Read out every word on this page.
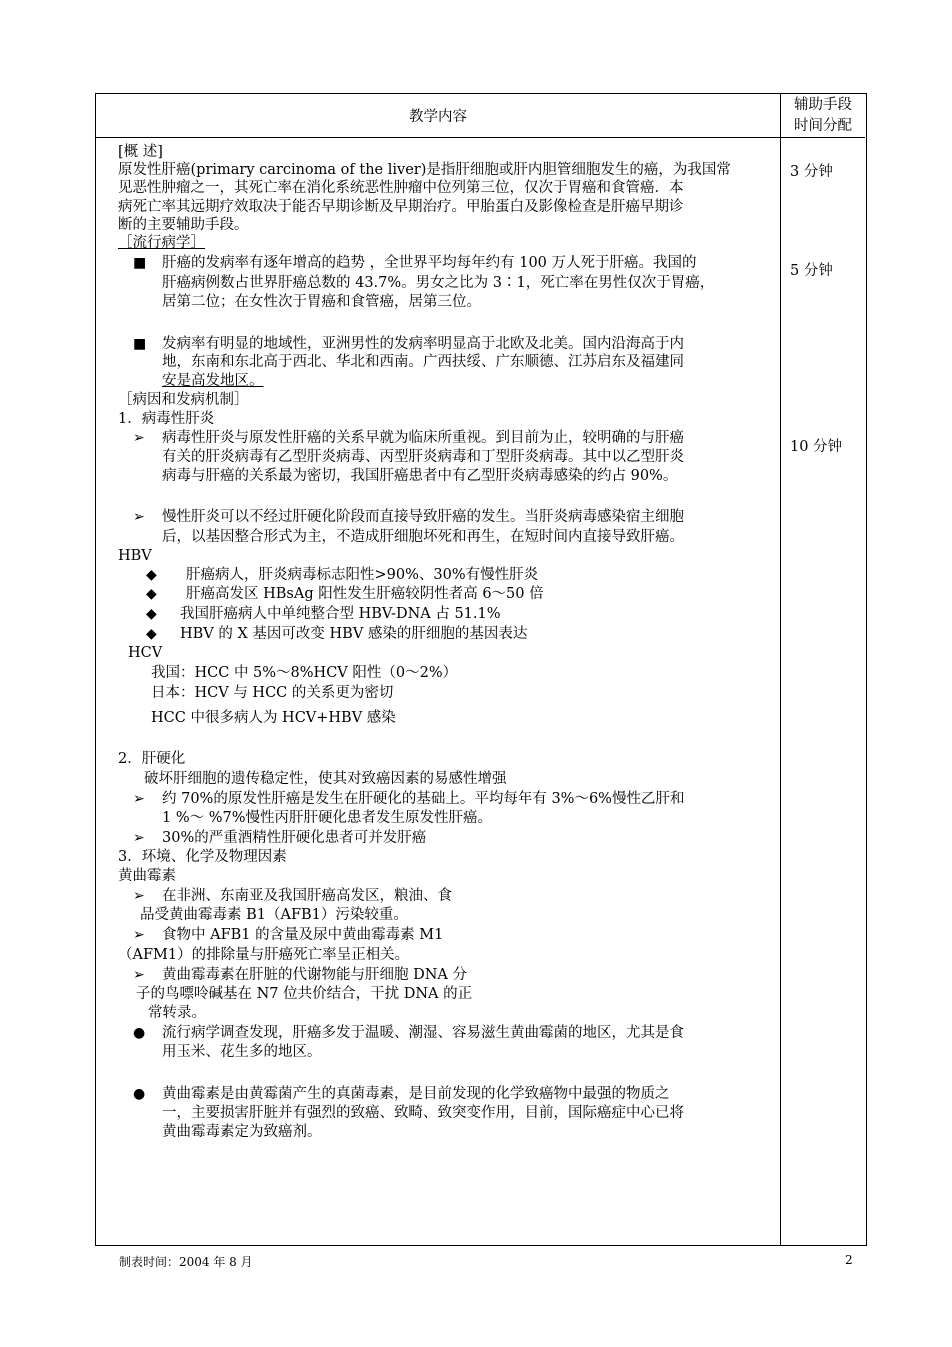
教学内容
辅助手段
时间分配
[概 述]
原发性肝癌(primary carcinoma of the liver)是指肝细胞或肝内胆管细胞发生的癌，为我国常
见恶性肿瘤之一，其死亡率在消化系统恶性肿瘤中位列第三位，仅次于胃癌和食管癌．本
病死亡率其远期疗效取决于能否早期诊断及早期治疗。甲胎蛋白及影像检查是肝癌早期诊
断的主要辅助手段。
［流行病学］
■ 肝癌的发病率有逐年增高的趋势 ，全世界平均每年约有 100 万人死于肝癌。我国的
肝癌病例数占世界肝癌总数的 43.7%。男女之比为 3∶1，死亡率在男性仅次于胃癌，
居第二位；在女性次于胃癌和食管癌，居第三位。
■ 发病率有明显的地域性，亚洲男性的发病率明显高于北欧及北美。国内沿海高于内
地，东南和东北高于西北、华北和西南。广西扶绥、广东顺德、江苏启东及福建同
安是高发地区。
［病因和发病机制］
1．病毒性肝炎
➢ 病毒性肝炎与原发性肝癌的关系早就为临床所重视。到目前为止，较明确的与肝癌
有关的肝炎病毒有乙型肝炎病毒、丙型肝炎病毒和丁型肝炎病毒。其中以乙型肝炎
病毒与肝癌的关系最为密切，我国肝癌患者中有乙型肝炎病毒感染的约占 90%。
➢ 慢性肝炎可以不经过肝硬化阶段而直接导致肝癌的发生。当肝炎病毒感染宿主细胞
后，以基因整合形式为主，不造成肝细胞坏死和再生，在短时间内直接导致肝癌。
HBV
◆ 肝癌病人，肝炎病毒标志阳性>90%、30%有慢性肝炎
◆ 肝癌高发区 HBsAg 阳性发生肝癌较阴性者高 6～50 倍
◆ 我国肝癌病人中单纯整合型 HBV-DNA 占 51.1%
◆ HBV 的 X 基因可改变 HBV 感染的肝细胞的基因表达
HCV
我国：HCC 中 5%～8%HCV 阳性（0～2%）
日本：HCV 与 HCC 的关系更为密切
HCC 中很多病人为 HCV+HBV 感染
2．肝硬化
破坏肝细胞的遗传稳定性，使其对致癌因素的易感性增强
➢ 约 70%的原发性肝癌是发生在肝硬化的基础上。平均每年有 3%～6%慢性乙肝和
1 %～ %7%慢性丙肝肝硬化患者发生原发性肝癌。
➢ 30%的严重酒精性肝硬化患者可并发肝癌
3．环境、化学及物理因素
黄曲霉素
➢ 在非洲、东南亚及我国肝癌高发区，粮油、食
品受黄曲霉毒素 B1（AFB1）污染较重。
➢ 食物中 AFB1 的含量及尿中黄曲霉毒素 M1
（AFM1）的排除量与肝癌死亡率呈正相关。
➢ 黄曲霉毒素在肝脏的代谢物能与肝细胞 DNA 分
子的鸟嘌呤碱基在 N7 位共价结合，干扰 DNA 的正
常转录。
● 流行病学调查发现，肝癌多发于温暖、潮湿、容易滋生黄曲霉菌的地区，尤其是食
用玉米、花生多的地区。
● 黄曲霉素是由黄霉菌产生的真菌毒素，是目前发现的化学致癌物中最强的物质之
一，主要损害肝脏并有强烈的致癌、致畸、致突变作用，目前，国际癌症中心已将
黄曲霉毒素定为致癌剂。
3 分钟
5 分钟
10 分钟
制表时间：2004 年 8 月	2
